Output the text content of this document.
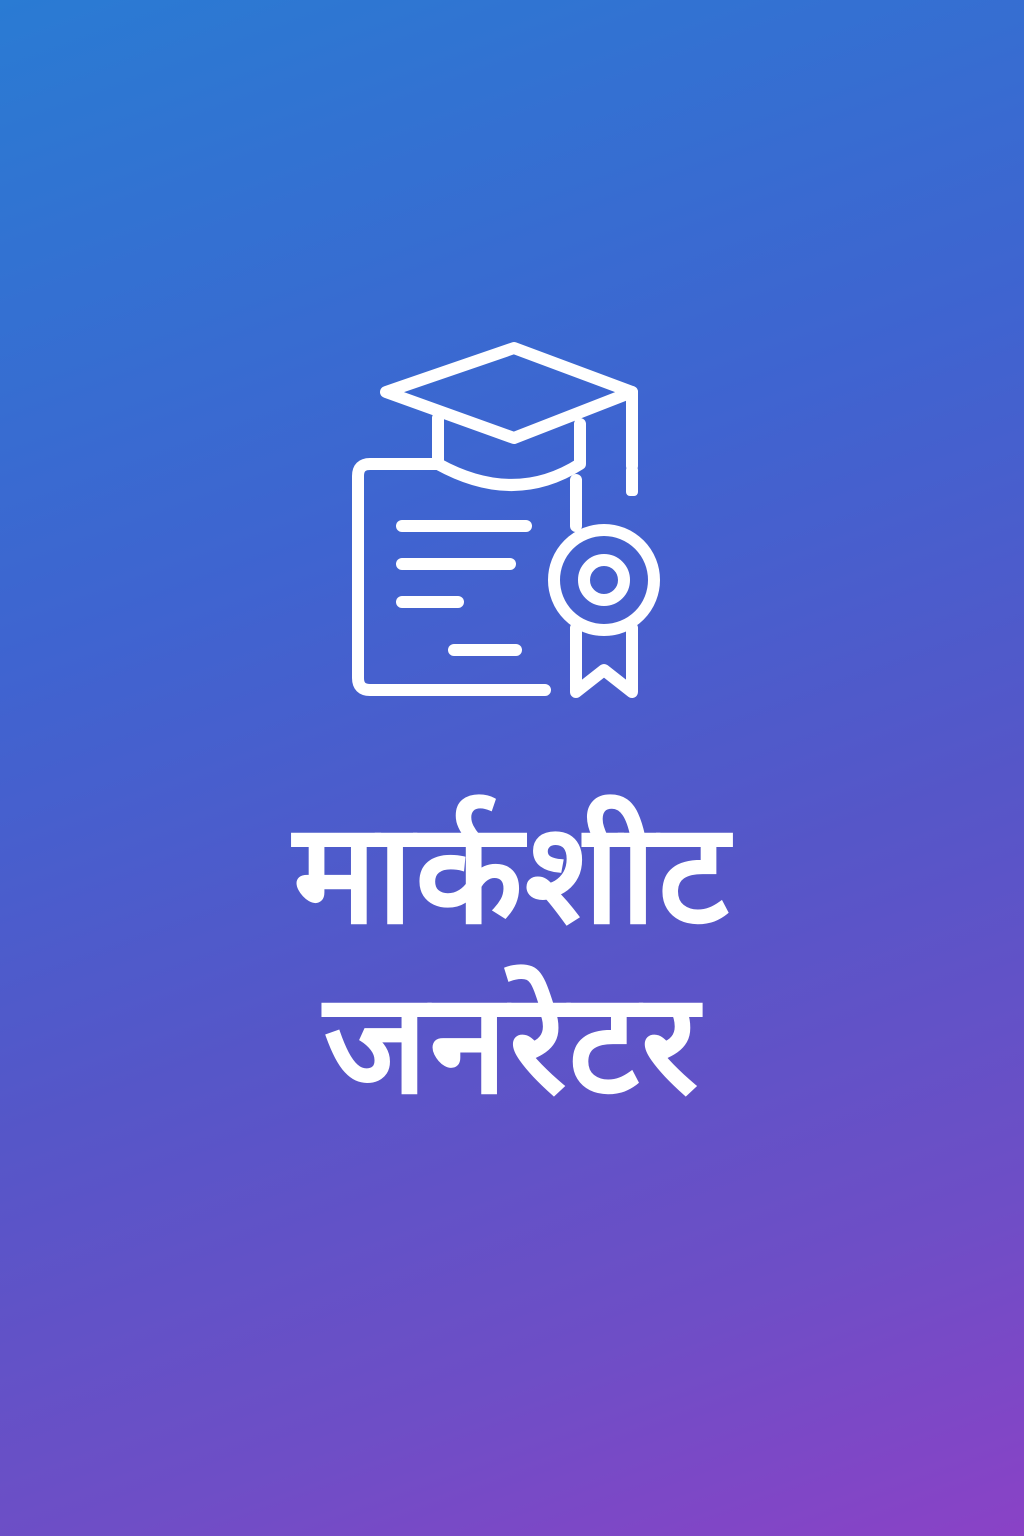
मार्कशीट
जनरेटर
